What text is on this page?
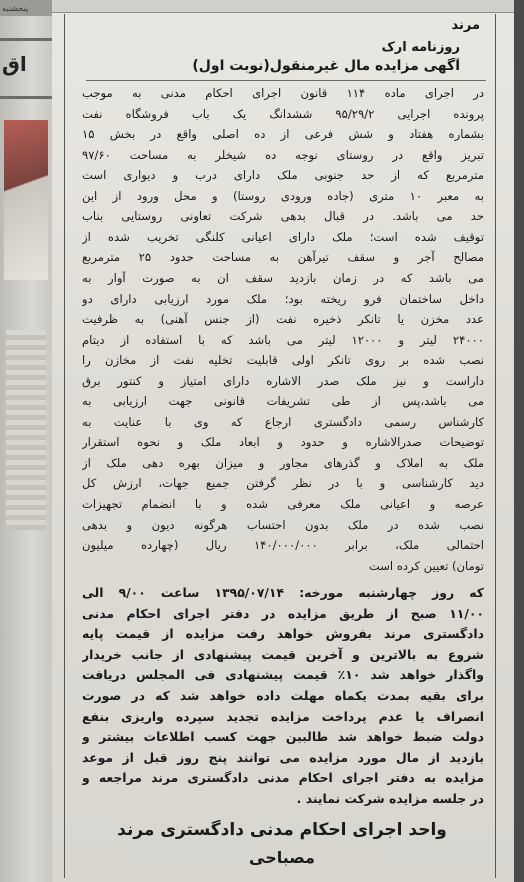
پنجشنبه
اق
مرند
روزنامه ارک
آگهی مزایده مال غیرمنقول(نوبت اول)
در اجرای ماده ۱۱۴ قانون اجرای احکام مدنی به موجب
پرونده اجرایی ۹۵/۲۹/۲ ششدانگ یک باب فروشگاه نفت
بشماره هفتاد و شش فرعی از ده اصلی واقع در بخش ۱۵
تبریز واقع در روستای نوجه ده شیخلر به مساحت ۹۷/۶۰
مترمربع که از حد جنوبی ملک دارای درب و دیواری است
به معبر ۱۰ متری (جاده ورودی روستا) و محل ورود از این
حد می باشد. در قبال بدهی شرکت تعاونی روستایی بناب
توقیف شده است؛ ملک دارای اعیانی کلنگی تخریب شده از
مصالح آجر و سقف تیرآهن به مساحت حدود ۲۵ مترمربع
می باشد که در زمان بازدید سقف ان به صورت آوار به
داخل ساختمان فرو ریخته بود؛ ملک مورد ارزیابی دارای دو
عدد مخزن یا تانکر ذخیره نفت (از جنس آهنی) به ظرفیت
۲۴۰۰۰ لیتر و ۱۲۰۰۰ لیتر می باشد که با استفاده از دیتام
نصب شده بر روی تانکر اولی قابلیت تخلیه نفت از مخازن را
داراست و نیز ملک صدر الاشاره دارای امتیاز و کنتور برق
می باشد،پس از طی تشریفات قانونی جهت ارزیابی به
کارشناس رسمی دادگستری ارجاع که وی با عنایت به
توضیحات صدرالاشاره و حدود و ابعاد ملک و نحوه استقرار
ملک به املاک و گذرهای مجاور و میزان بهره دهی ملک از
دید کارشناسی و با در نظر گرفتن جمیع جهات، ارزش کل
عرصه و اعیانی ملک معرفی شده و با انضمام تجهیزات
نصب شده در ملک بدون احتساب هرگونه دیون و بدهی
احتمالی ملک، برابر ۱۴۰/۰۰۰/۰۰۰ ریال (چهارده میلیون
تومان) تعیین کرده است
که روز چهارشنبه مورخه: ۱۳۹۵/۰۷/۱۴ ساعت ۹/۰۰ الی
۱۱/۰۰ صبح از طریق مزایده در دفتر اجرای احکام مدنی
دادگستری مرند بفروش خواهد رفت مزایده از قیمت پایه
شروع به بالاترین و آخرین قیمت پیشنهادی از جانب خریدار
واگذار خواهد شد ۱۰٪ قیمت پیشنهادی فی المجلس دریافت
برای بقیه بمدت یکماه مهلت داده خواهد شد که در صورت
انصراف یا عدم پرداخت مزایده تجدید سپرده واریزی بنفع
دولت ضبط خواهد شد طالبین جهت کسب اطلاعات بیشتر و
بازدید از مال مورد مزایده می توانند پنج روز قبل از موعد
مزایده به دفتر اجرای احکام مدنی دادگستری مرند مراجعه و
در جلسه مزایده شرکت نمایند .
واحد اجرای احکام مدنی دادگستری مرند
مصباحی
